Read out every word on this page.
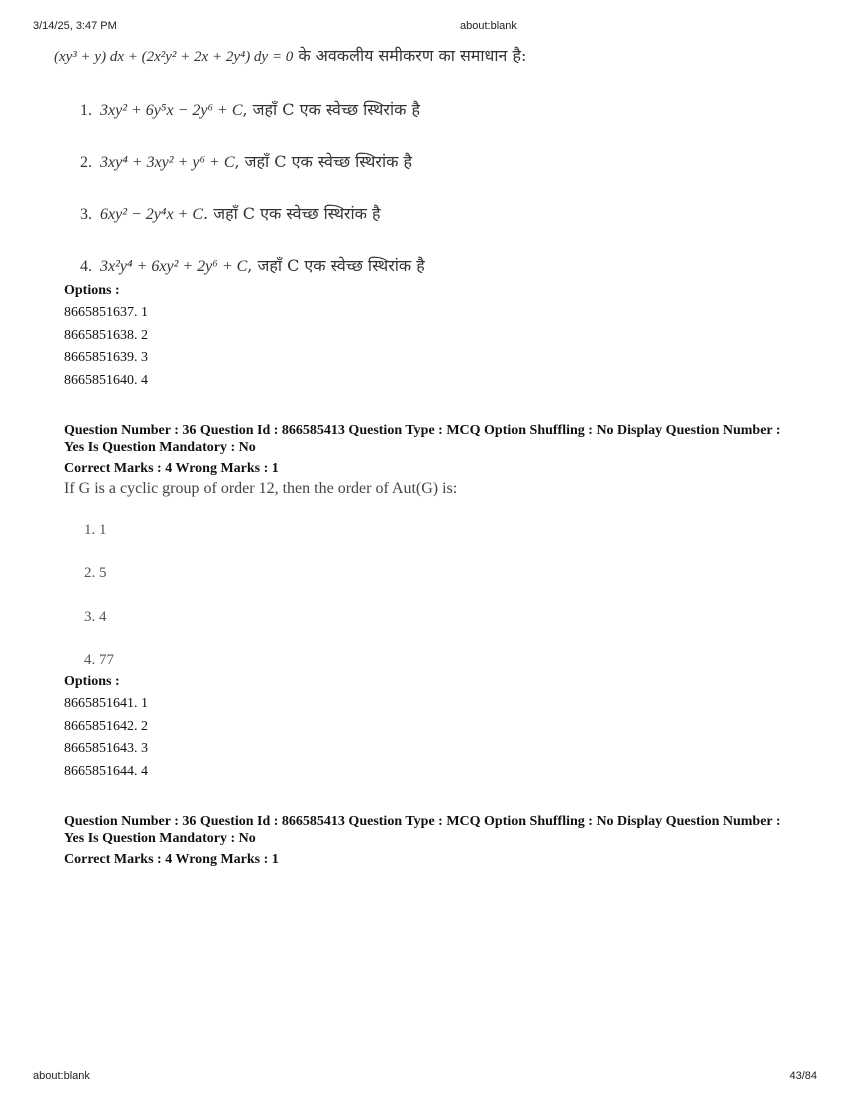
3/14/25, 3:47 PM	about:blank
(xy³ + y) dx + (2x²y² + 2x + 2y⁴) dy = 0 के अवकलीय समीकरण का समाधान है:
1. 3xy² + 6y⁵x − 2y⁶ + C, जहाँ C एक स्वेच्छ स्थिरांक है
2. 3xy⁴ + 3xy² + y⁶ + C, जहाँ C एक स्वेच्छ स्थिरांक है
3. 6xy² − 2y⁴x + C. जहाँ C एक स्वेच्छ स्थिरांक है
4. 3x²y⁴ + 6xy² + 2y⁶ + C, जहाँ C एक स्वेच्छ स्थिरांक है
Options :
8665851637. 1
8665851638. 2
8665851639. 3
8665851640. 4
Question Number : 36 Question Id : 866585413 Question Type : MCQ Option Shuffling : No Display Question Number : Yes Is Question Mandatory : No
Correct Marks : 4 Wrong Marks : 1
If G is a cyclic group of order 12, then the order of Aut(G) is:
1. 1
2. 5
3. 4
4. 77
Options :
8665851641. 1
8665851642. 2
8665851643. 3
8665851644. 4
Question Number : 36 Question Id : 866585413 Question Type : MCQ Option Shuffling : No Display Question Number : Yes Is Question Mandatory : No
Correct Marks : 4 Wrong Marks : 1
about:blank	43/84
